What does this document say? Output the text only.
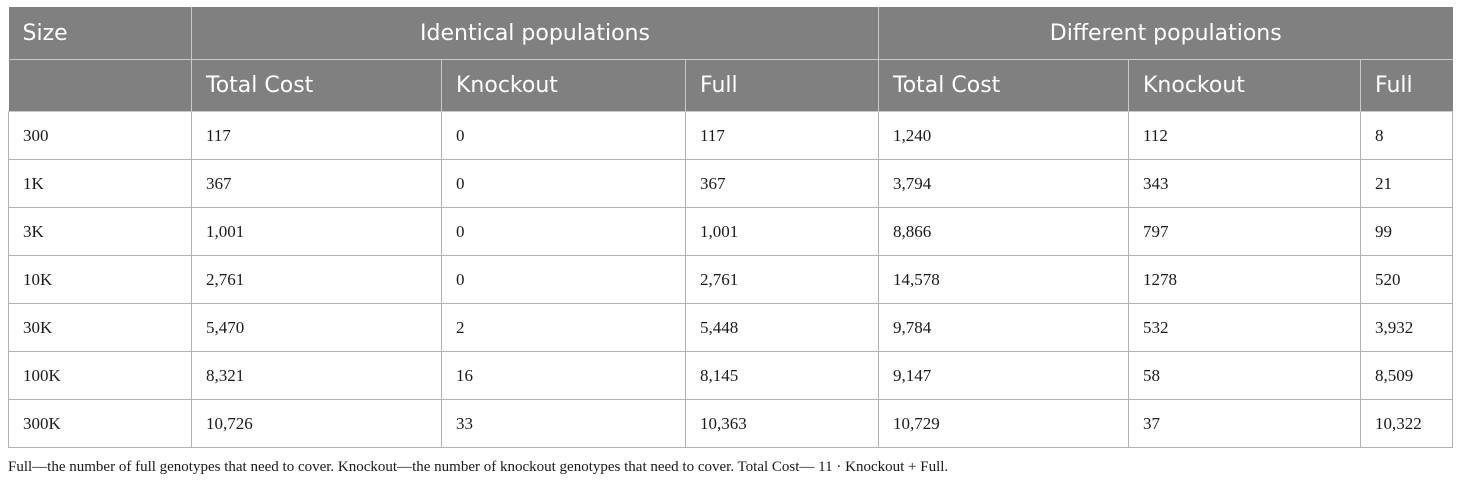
Size	Identical populations			Different populations		
	Total Cost	Knockout	Full	Total Cost	Knockout	Full
300	117	0	117	1,240	112	8
1K	367	0	367	3,794	343	21
3K	1,001	0	1,001	8,866	797	99
10K	2,761	0	2,761	14,578	1278	520
30K	5,470	2	5,448	9,784	532	3,932
100K	8,321	16	8,145	9,147	58	8,509
300K	10,726	33	10,363	10,729	37	10,322
Full—the number of full genotypes that need to cover. Knockout—the number of knockout genotypes that need to cover. Total Cost— 11 · Knockout + Full.
